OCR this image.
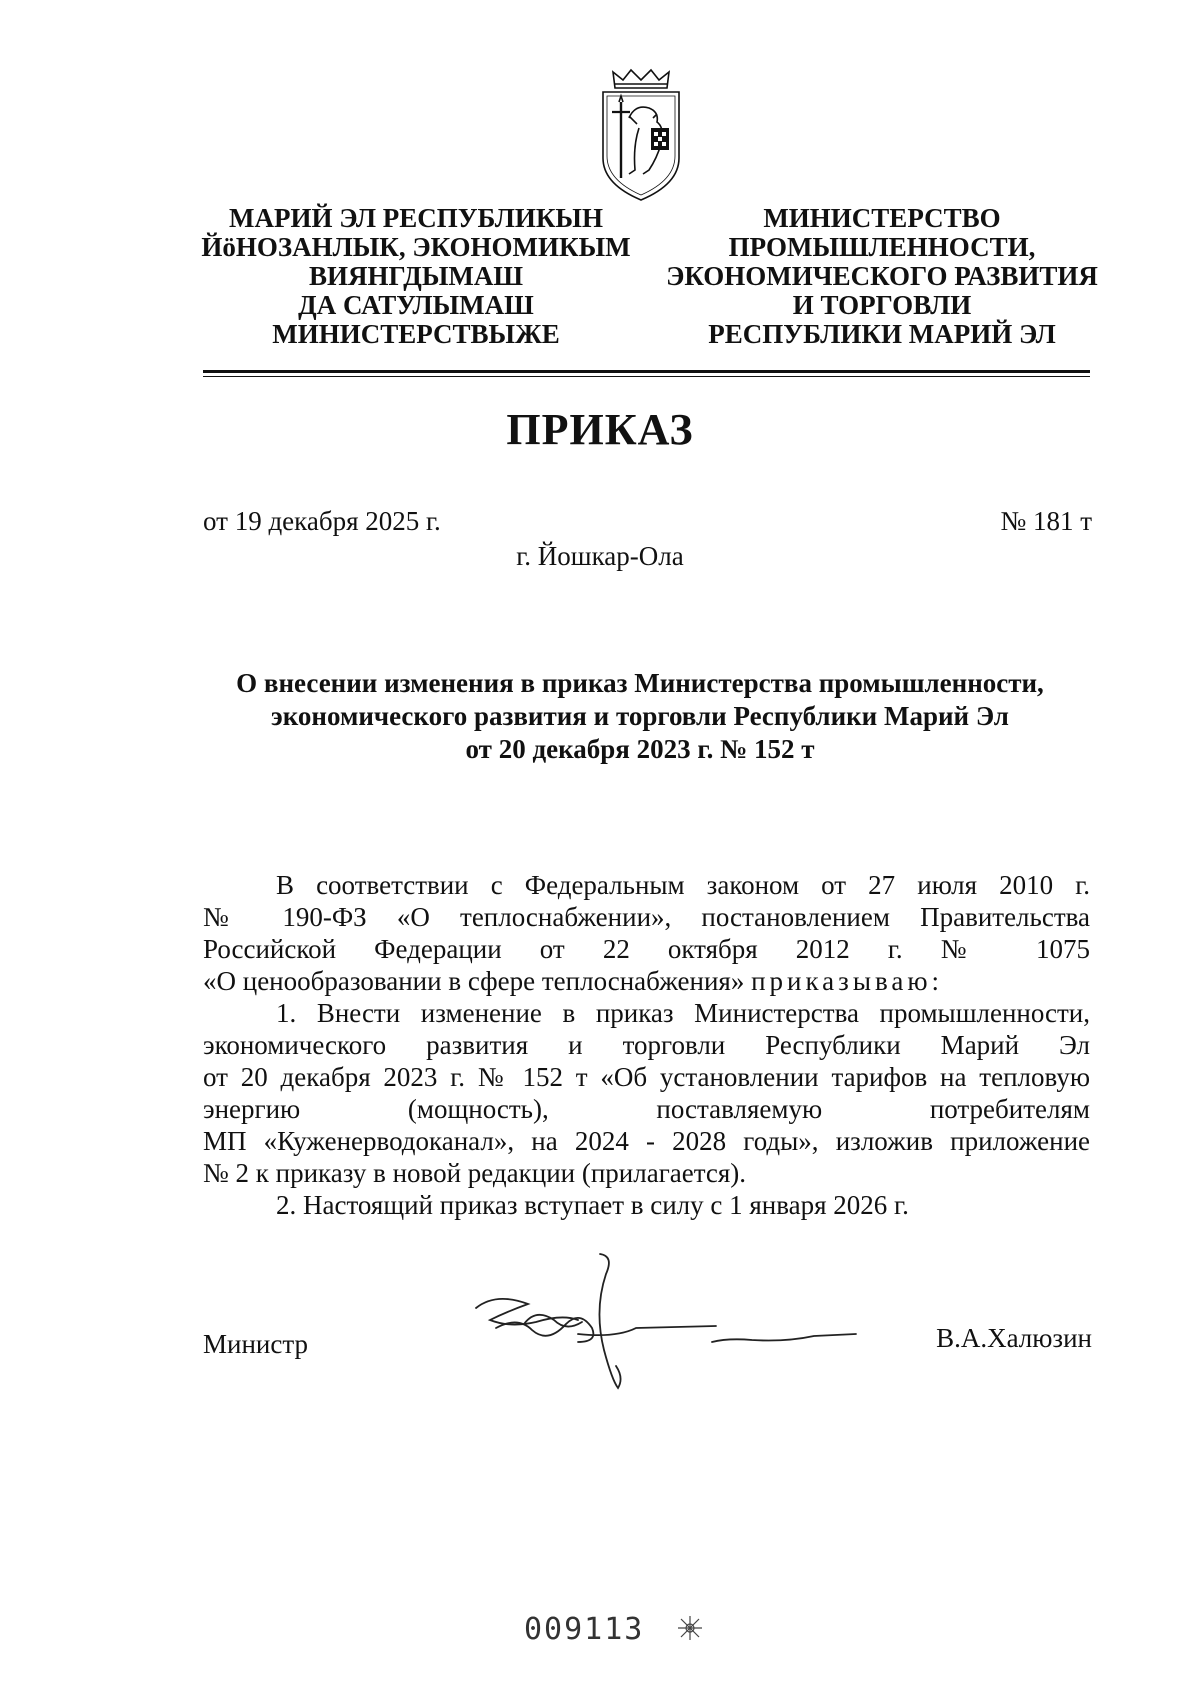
МАРИЙ ЭЛ РЕСПУБЛИКЫН
ЙӧНОЗАНЛЫК, ЭКОНОМИКЫМ
ВИЯНГДЫМАШ
ДА САТУЛЫМАШ
МИНИСТЕРСТВЫЖЕ
МИНИСТЕРСТВО
ПРОМЫШЛЕННОСТИ,
ЭКОНОМИЧЕСКОГО РАЗВИТИЯ
И ТОРГОВЛИ
РЕСПУБЛИКИ МАРИЙ ЭЛ
ПРИКАЗ
от 19 декабря 2025 г.	№ 181 т
г. Йошкар-Ола
О внесении изменения в приказ Министерства промышленности,
экономического развития и торговли Республики Марий Эл
от 20 декабря 2023 г. № 152 т
В соответствии с Федеральным законом от 27 июля 2010 г.
№ 190-ФЗ «О теплоснабжении», постановлением Правительства
Российской Федерации от 22 октября 2012 г. № 1075
«О ценообразовании в сфере теплоснабжения» приказываю:
1. Внести изменение в приказ Министерства промышленности,
экономического развития и торговли Республики Марий Эл
от 20 декабря 2023 г. № 152 т «Об установлении тарифов на тепловую
энергию (мощность), поставляемую потребителям
МП «Куженерводоканал», на 2024 - 2028 годы», изложив приложение
№ 2 к приказу в новой редакции (прилагается).
2. Настоящий приказ вступает в силу с 1 января 2026 г.
Министр	В.А.Халюзин
009113
